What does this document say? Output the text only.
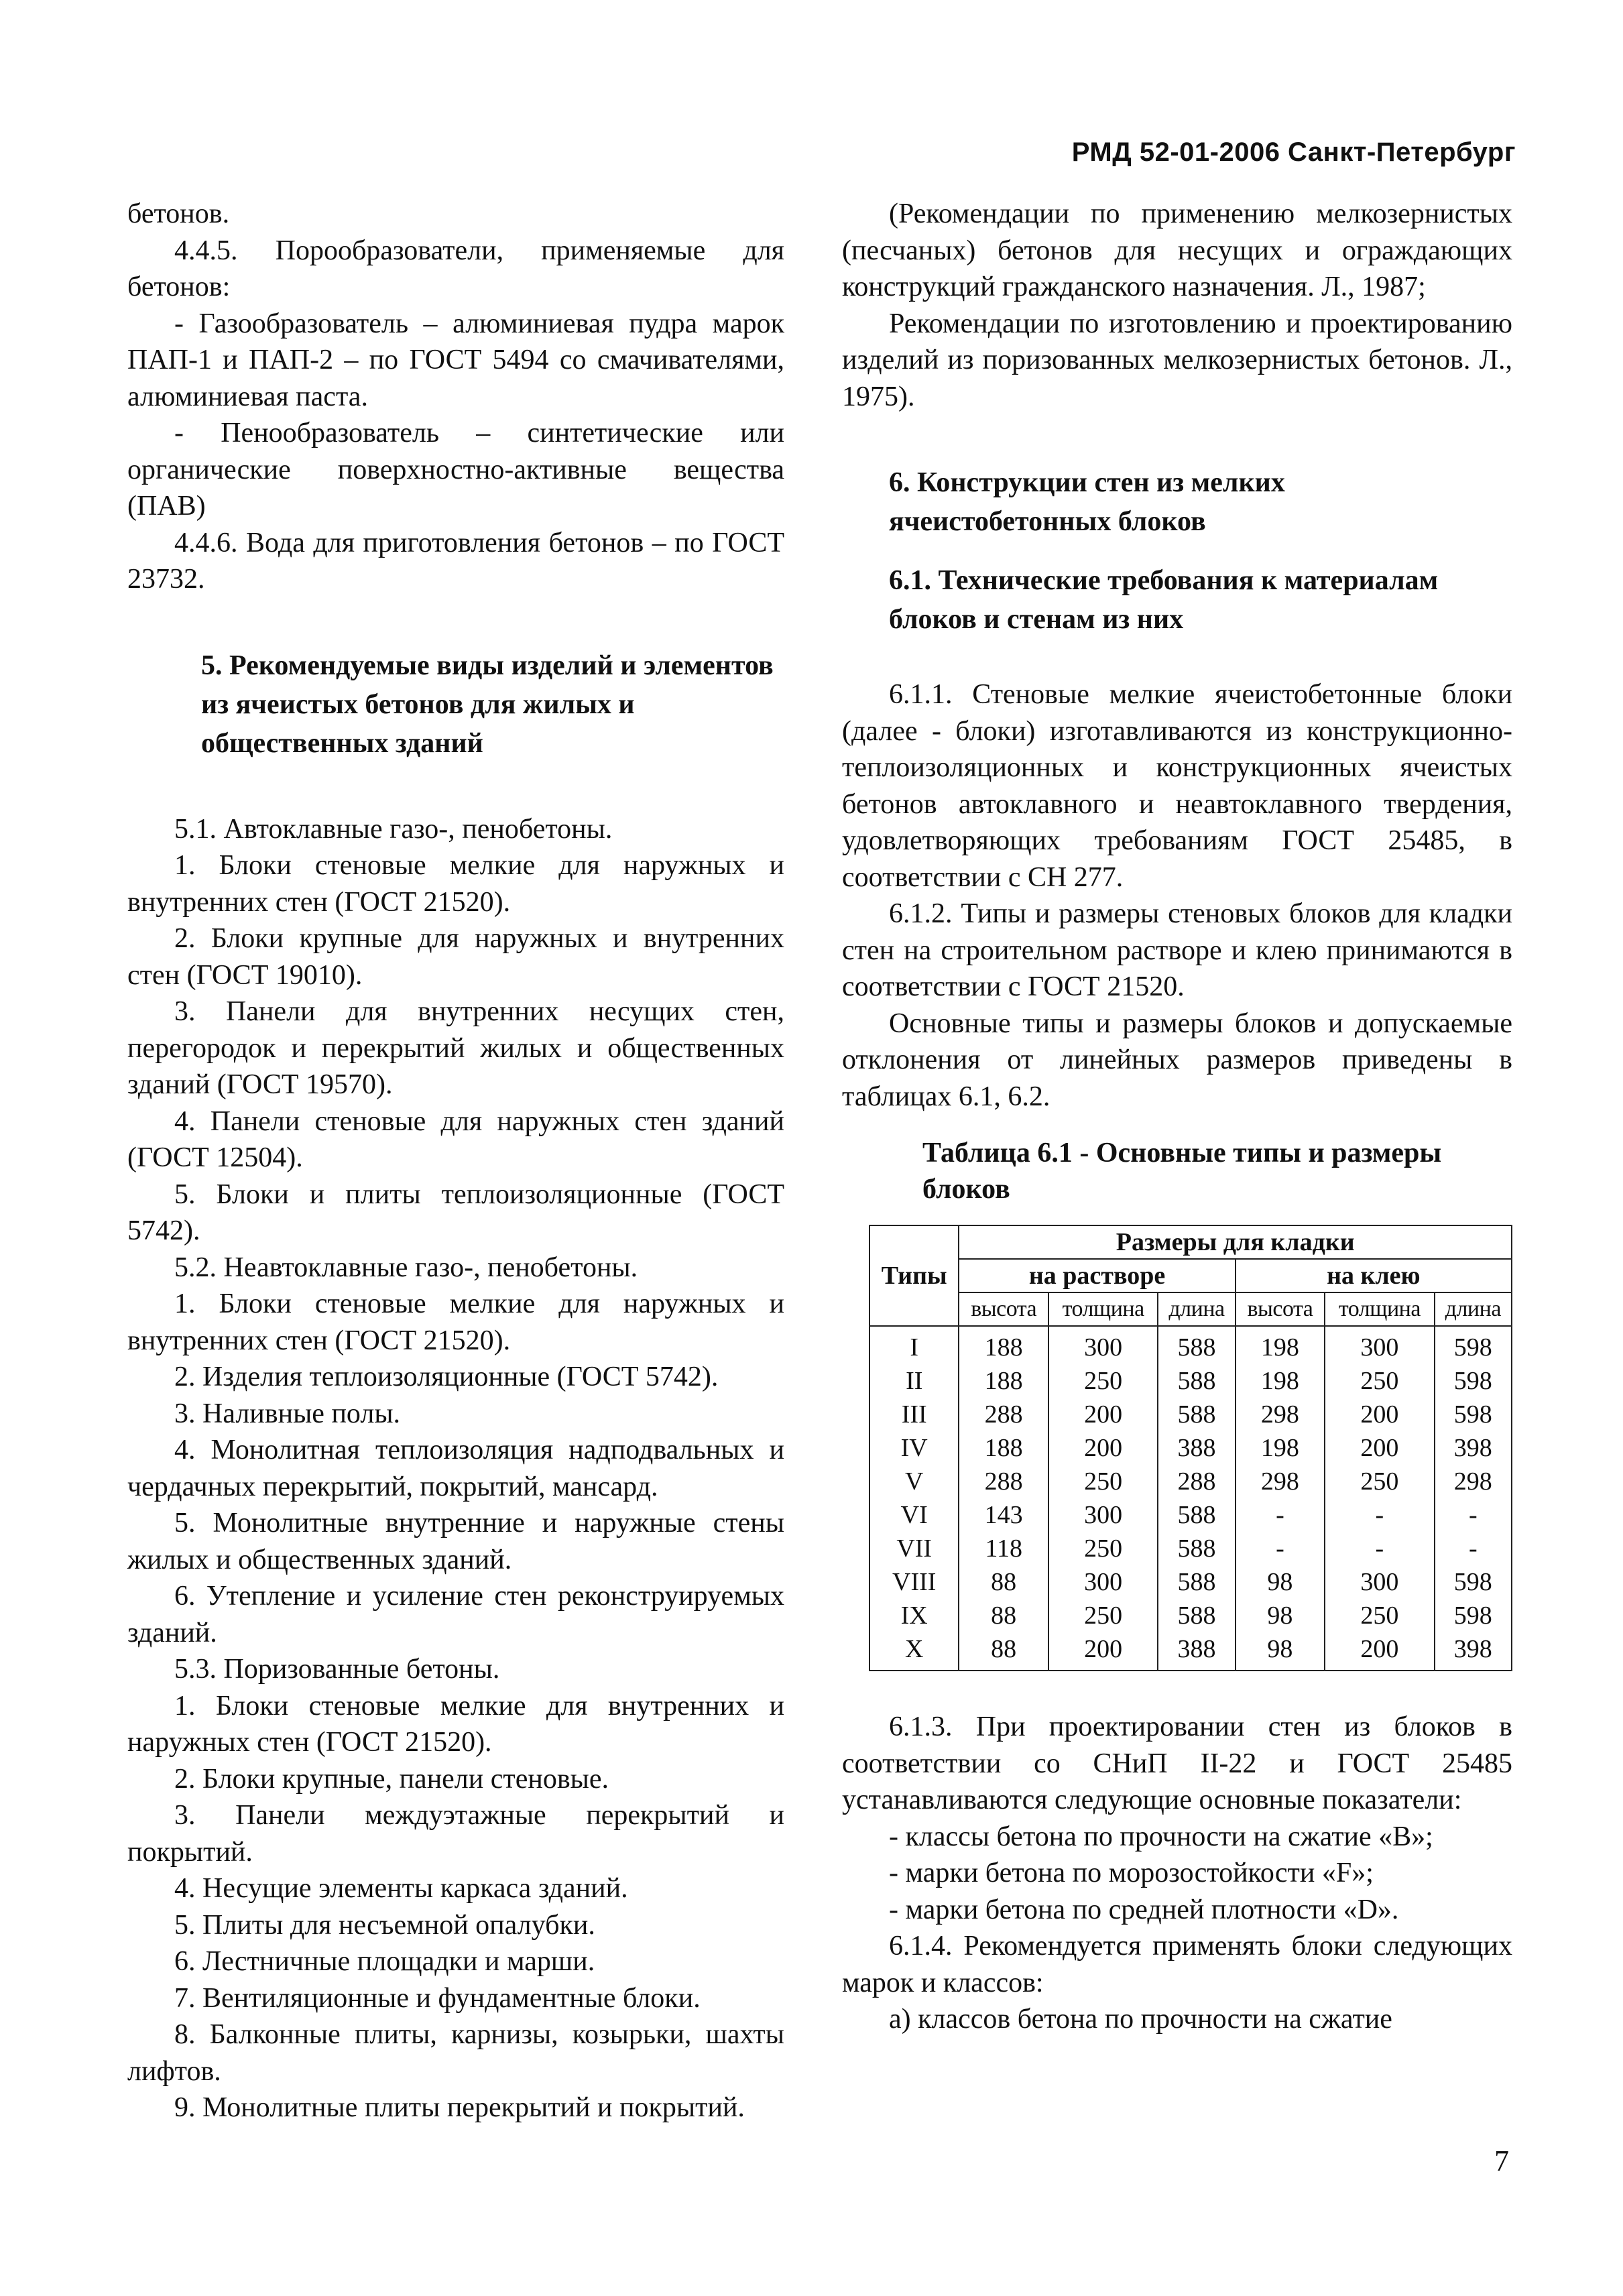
РМД 52-01-2006 Санкт-Петербург

бетонов.

4.4.5. Порообразователи, применяемые для бетонов:

- Газообразователь – алюминиевая пудра марок ПАП-1 и ПАП-2 – по ГОСТ 5494 со смачивателями, алюминиевая паста.

- Пенообразователь – синтетические или органические поверхностно-активные вещества (ПАВ)

4.4.6. Вода для приготовления бетонов – по ГОСТ 23732.

5. Рекомендуемые виды изделий и элементов из ячеистых бетонов для жилых и общественных зданий

5.1. Автоклавные газо-, пенобетоны.

1. Блоки стеновые мелкие для наружных и внутренних стен (ГОСТ 21520).

2. Блоки крупные для наружных и внутренних стен (ГОСТ 19010).

3. Панели для внутренних несущих стен, перегородок и перекрытий жилых и общественных зданий (ГОСТ 19570).

4. Панели стеновые для наружных стен зданий (ГОСТ 12504).

5. Блоки и плиты теплоизоляционные (ГОСТ 5742).

5.2. Неавтоклавные газо-, пенобетоны.

1. Блоки стеновые мелкие для наружных и внутренних стен (ГОСТ 21520).

2. Изделия теплоизоляционные (ГОСТ 5742).

3. Наливные полы.

4. Монолитная теплоизоляция надподвальных и чердачных перекрытий, покрытий, мансард.

5. Монолитные внутренние и наружные стены жилых и общественных зданий.

6. Утепление и усиление стен реконструируемых зданий.

5.3. Поризованные бетоны.

1. Блоки стеновые мелкие для внутренних и наружных стен (ГОСТ 21520).

2. Блоки крупные, панели стеновые.

3. Панели междуэтажные перекрытий и покрытий.

4. Несущие элементы каркаса зданий.

5. Плиты для несъемной опалубки.

6. Лестничные площадки и марши.

7. Вентиляционные и фундаментные блоки.

8. Балконные плиты, карнизы, козырьки, шахты лифтов.

9. Монолитные плиты перекрытий и покрытий.

(Рекомендации по применению мелкозернистых (песчаных) бетонов для несущих и ограждающих конструкций гражданского назначения. Л., 1987;

Рекомендации по изготовлению и проектированию изделий из поризованных мелкозернистых бетонов. Л., 1975).

6. Конструкции стен из мелких ячеистобетонных блоков
6.1. Технические требования к материалам блоков и стенам из них

6.1.1. Стеновые мелкие ячеистобетонные блоки (далее - блоки) изготавливаются из конструкционно-теплоизоляционных и конструкционных ячеистых бетонов автоклавного и неавтоклавного твердения, удовлетворяющих требованиям ГОСТ 25485, в соответствии с СН 277.

6.1.2. Типы и размеры стеновых блоков для кладки стен на строительном растворе и клею принимаются в соответствии с ГОСТ 21520.

Основные типы и размеры блоков и допускаемые отклонения от линейных размеров приведены в таблицах 6.1, 6.2.

Таблица 6.1 - Основные типы и размеры блоков

Типы	Размеры для кладки					
	на растворе			на клею		
	высота	толщина	длина	высота	толщина	длина
I	188	300	588	198	300	598
II	188	250	588	198	250	598
III	288	200	588	298	200	598
IV	188	200	388	198	200	398
V	288	250	288	298	250	298
VI	143	300	588	-	-	-
VII	118	250	588	-	-	-
VIII	88	300	588	98	300	598
IX	88	250	588	98	250	598
X	88	200	388	98	200	398

6.1.3. При проектировании стен из блоков в соответствии со СНиП II-22 и ГОСТ 25485 устанавливаются следующие основные показатели:

- классы бетона по прочности на сжатие «B»;

- марки бетона по морозостойкости «F»;

- марки бетона по средней плотности «D».

6.1.4. Рекомендуется применять блоки следующих марок и классов:

а) классов бетона по прочности на сжатие

7
